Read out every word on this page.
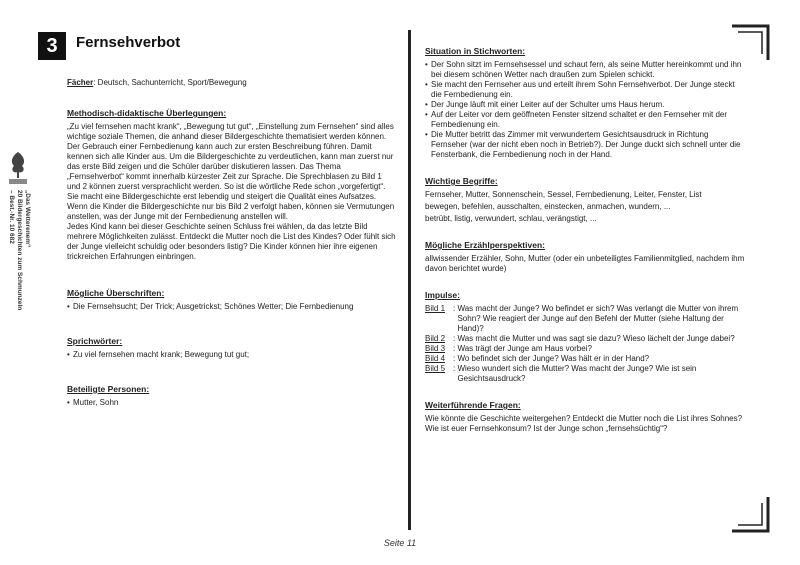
„Das Wetterenem“
20 Bildergeschichten zum Schmunzeln
– Best.-Nr. 10 682
3	Fernsehverbot
Fächer: Deutsch, Sachunterricht, Sport/Bewegung
Methodisch-didaktische Überlegungen:

„Zu viel fernsehen macht krank“, „Bewegung tut gut“, „Einstellung zum Fernsehen“ sind alles wichtige soziale Themen, die anhand dieser Bildergeschichte thematisiert werden können. Der Gebrauch einer Fernbedienung kann auch zur ersten Beschreibung führen. Damit kennen sich alle Kinder aus. Um die Bildergeschichte zu verdeutlichen, kann man zuerst nur das erste Bild zeigen und die Schüler darüber diskutieren lassen. Das Thema „Fernsehverbot“ kommt innerhalb kürzester Zeit zur Sprache. Die Sprechblasen zu Bild 1 und 2 können zuerst versprachlicht werden. So ist die wörtliche Rede schon „vorgefertigt“. Sie macht eine Bildergeschichte erst lebendig und steigert die Qualität eines Aufsatzes. Wenn die Kinder die Bildergeschichte nur bis Bild 2 verfolgt haben, können sie Vermutungen anstellen, was der Junge mit der Fernbedienung anstellen will.

Jedes Kind kann bei dieser Geschichte seinen Schluss frei wählen, da das letzte Bild mehrere Möglichkeiten zulässt. Entdeckt die Mutter noch die List des Kindes? Oder fühlt sich der Junge vielleicht schuldig oder besonders listig? Die Kinder können hier ihre eigenen trickreichen Erfahrungen einbringen.

Mögliche Überschriften:
• Die Fernsehsucht; Der Trick; Ausgetrickst; Schönes Wetter; Die Fernbedienung
Sprichwörter:
• Zu viel fernsehen macht krank; Bewegung tut gut;
Beteiligte Personen:
• Mutter, Sohn
Situation in Stichworten:
• Der Sohn sitzt im Fernsehsessel und schaut fern, als seine Mutter hereinkommt und ihn bei diesem schönen Wetter nach draußen zum Spielen schickt.
• Sie macht den Fernseher aus und erteilt ihrem Sohn Fernsehverbot. Der Junge steckt die Fernbedienung ein.
• Der Junge läuft mit einer Leiter auf der Schulter ums Haus herum.
• Auf der Leiter vor dem geöffneten Fenster sitzend schaltet er den Fernseher mit der Fernbedienung ein.
• Die Mutter betritt das Zimmer mit verwundertem Gesichtsausdruck in Richtung Fernseher (war der nicht eben noch in Betrieb?). Der Junge duckt sich schnell unter die Fensterbank, die Fernbedienung noch in der Hand.
Wichtige Begriffe:

Fernseher, Mutter, Sonnenschein, Sessel, Fernbedienung, Leiter, Fenster, List

bewegen, befehlen, ausschalten, einstecken, anmachen, wundern, ...

betrübt, listig, verwundert, schlau, verängstigt, ...

Mögliche Erzählperspektiven:

allwissender Erzähler, Sohn, Mutter (oder ein unbeteiligtes Familienmitglied, nachdem ihm davon berichtet wurde)

Impulse:
Bild 1 : Was macht der Junge? Wo befindet er sich? Was verlangt die Mutter von ihrem Sohn? Wie reagiert der Junge auf den Befehl der Mutter (siehe Haltung der Hand)?
Bild 2 : Was macht die Mutter und was sagt sie dazu? Wieso lächelt der Junge dabei?
Bild 3 : Was trägt der Junge am Haus vorbei?
Bild 4 : Wo befindet sich der Junge? Was hält er in der Hand?
Bild 5 : Wieso wundert sich die Mutter? Was macht der Junge? Wie ist sein Gesichtsausdruck?
Weiterführende Fragen:

Wie könnte die Geschichte weitergehen? Entdeckt die Mutter noch die List ihres Sohnes? Wie ist euer Fernsehkonsum? Ist der Junge schon „fernsehsüchtig“?

Seite 11
